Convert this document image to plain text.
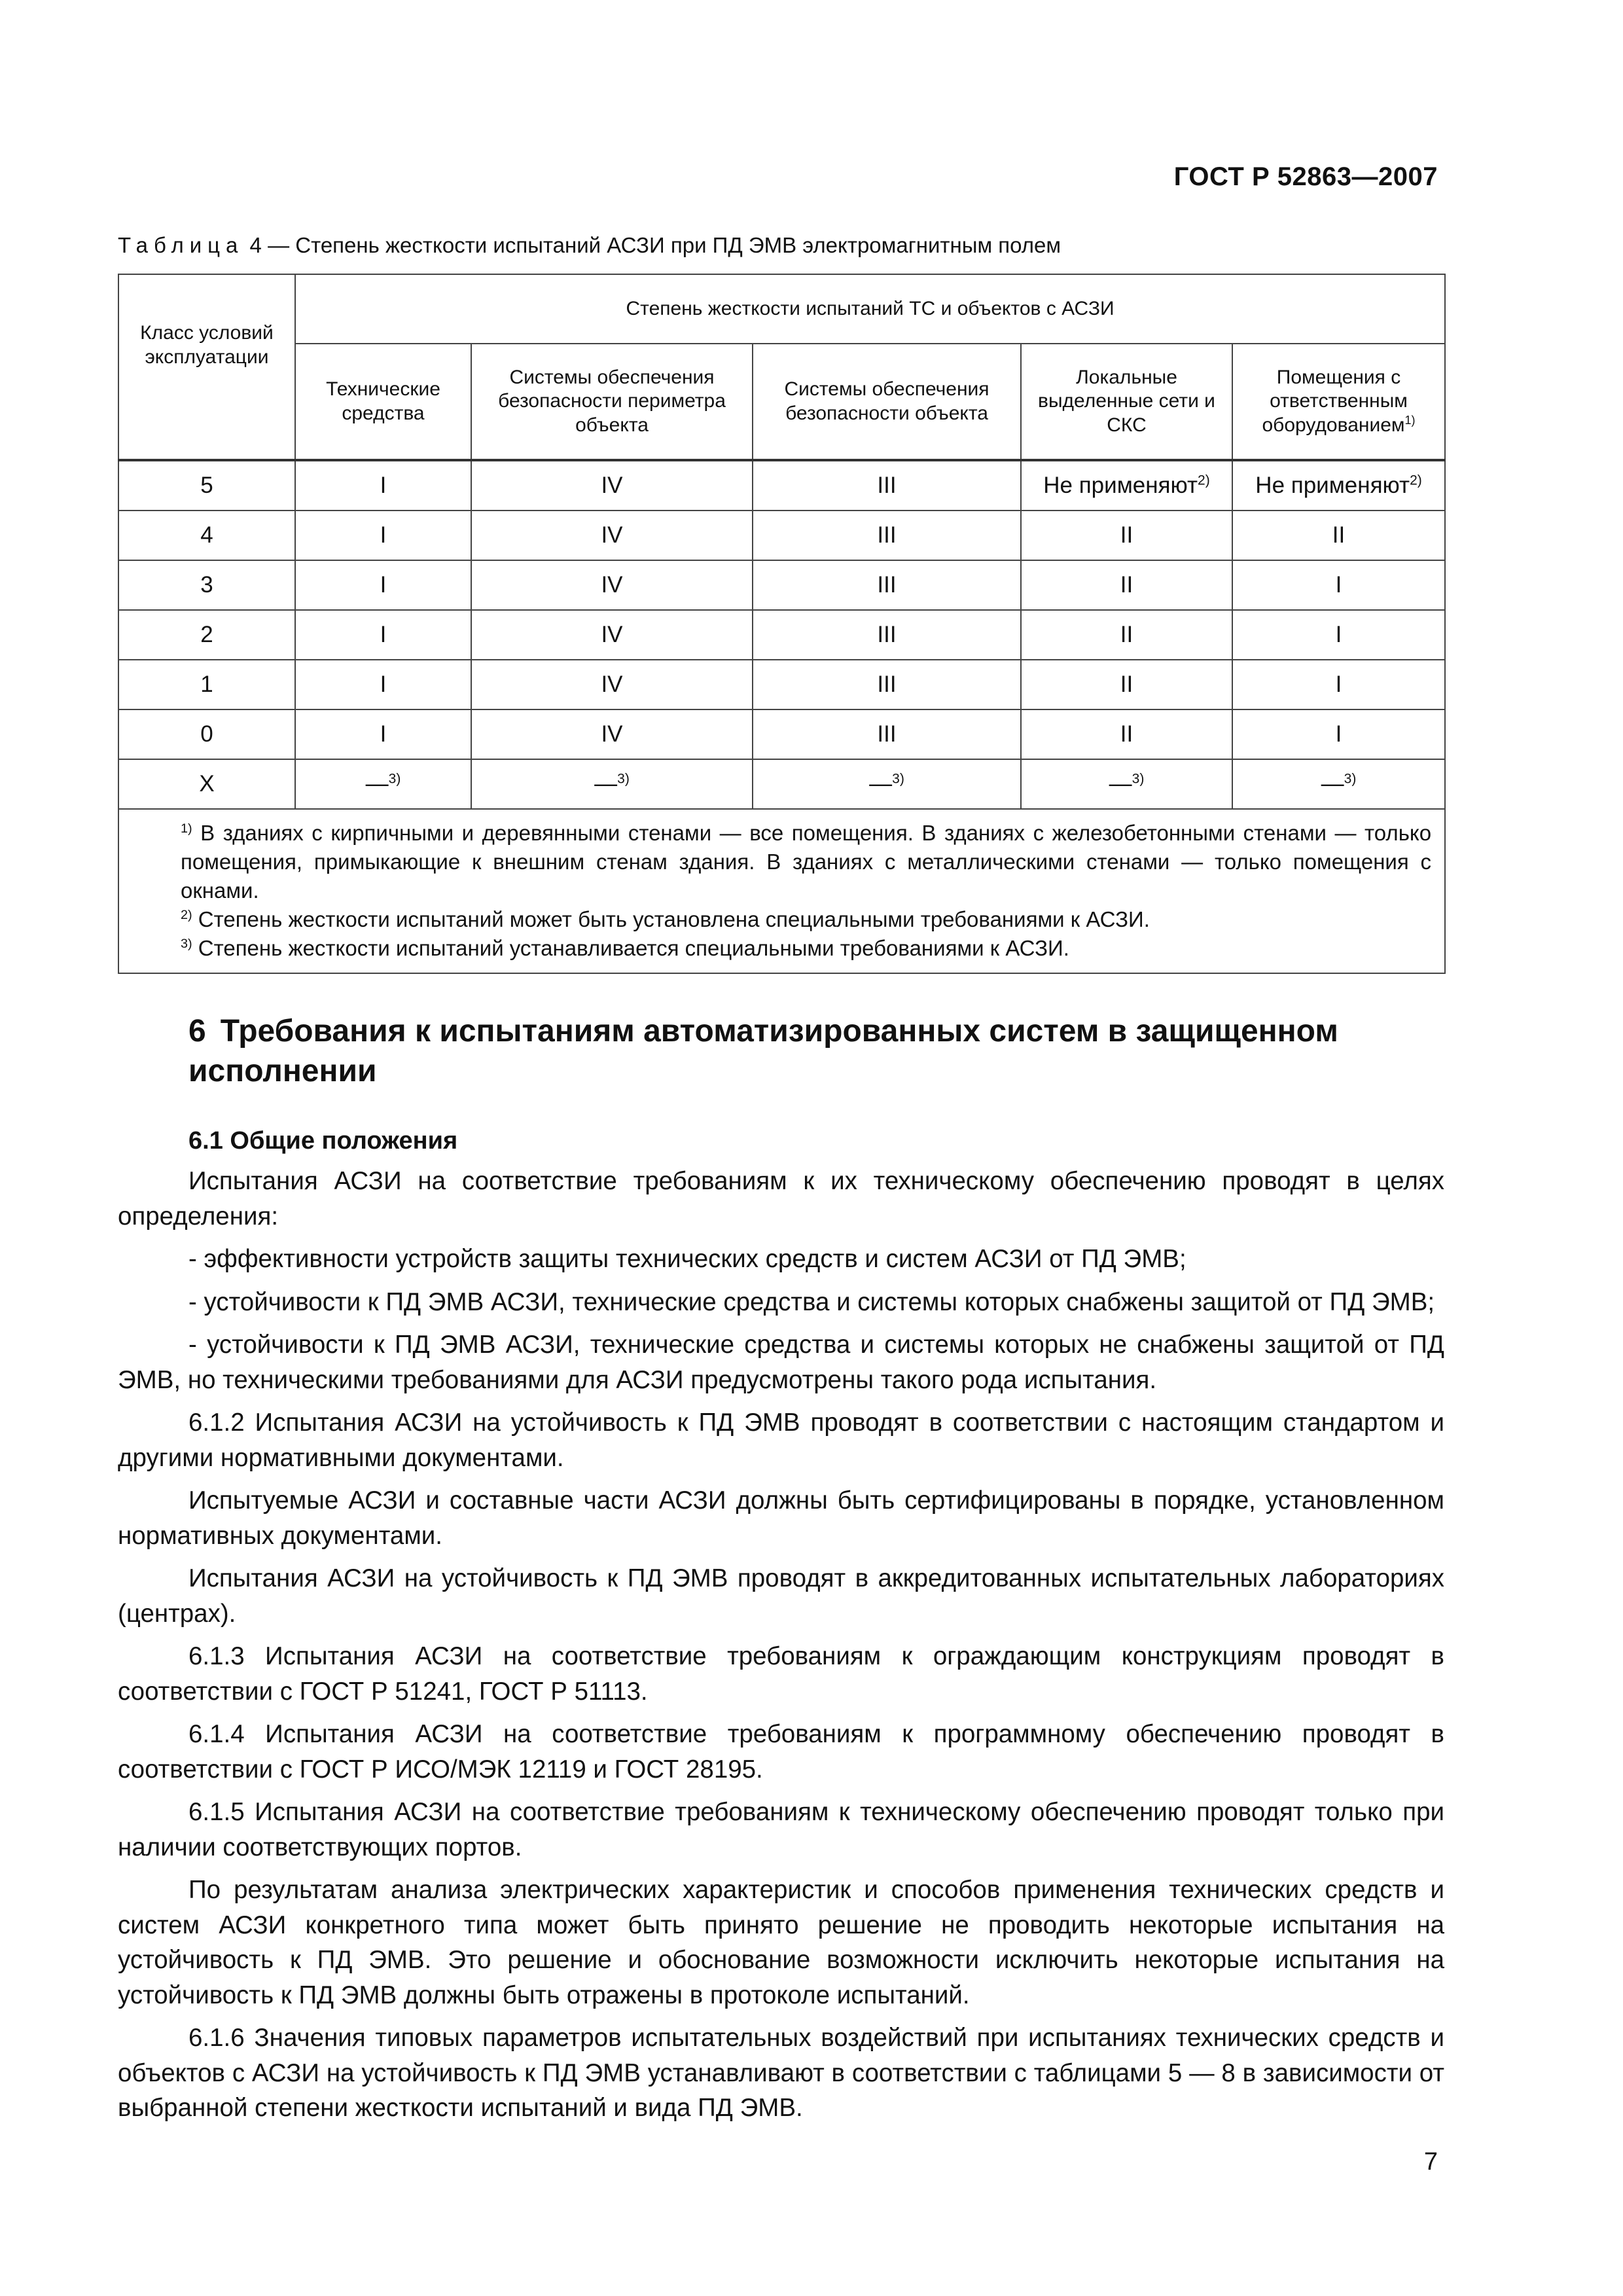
ГОСТ Р 52863—2007
Таблица 4 — Степень жесткости испытаний АСЗИ при ПД ЭМВ электромагнитным полем
Класс условий эксплуатации	Степень жесткости испытаний ТС и объектов с АСЗИ				
	Технические средства	Системы обеспечения безопасности периметра объекта	Системы обеспечения безопасности объекта	Локальные выделенные сети и СКС	Помещения с ответственным оборудованием$^{1)}$
5	I	IV	III	Не применяют$^{2)}$	Не применяют$^{2)}$
4	I	IV	III	II	II
3	I	IV	III	II	I
2	I	IV	III	II	I
1	I	IV	III	II	I
0	I	IV	III	II	I
X	—$^{3)}$	—$^{3)}$	—$^{3)}$	—$^{3)}$	—$^{3)}$

$^{1)}$ В зданиях с кирпичными и деревянными стенами — все помещения. В зданиях с железобетонными стенами — только помещения, примыкающие к внешним стенам здания. В зданиях с металлическими стенами — только помещения с окнами.
$^{2)}$ Степень жесткости испытаний может быть установлена специальными требованиями к АСЗИ.
$^{3)}$ Степень жесткости испытаний устанавливается специальными требованиями к АСЗИ.					
6 Требования к испытаниям автоматизированных систем в защищенном исполнении
6.1 Общие положения

Испытания АСЗИ на соответствие требованиям к их техническому обеспечению проводят в целях определения:

- эффективности устройств защиты технических средств и систем АСЗИ от ПД ЭМВ;

- устойчивости к ПД ЭМВ АСЗИ, технические средства и системы которых снабжены защитой от ПД ЭМВ;

- устойчивости к ПД ЭМВ АСЗИ, технические средства и системы которых не снабжены защитой от ПД ЭМВ, но техническими требованиями для АСЗИ предусмотрены такого рода испытания.

6.1.2 Испытания АСЗИ на устойчивость к ПД ЭМВ проводят в соответствии с настоящим стандартом и другими нормативными документами.

Испытуемые АСЗИ и составные части АСЗИ должны быть сертифицированы в порядке, установленном нормативных документами.

Испытания АСЗИ на устойчивость к ПД ЭМВ проводят в аккредитованных испытательных лабораториях (центрах).

6.1.3 Испытания АСЗИ на соответствие требованиям к ограждающим конструкциям проводят в соответствии с ГОСТ Р 51241, ГОСТ Р 51113.

6.1.4 Испытания АСЗИ на соответствие требованиям к программному обеспечению проводят в соответствии с ГОСТ Р ИСО/МЭК 12119 и ГОСТ 28195.

6.1.5 Испытания АСЗИ на соответствие требованиям к техническому обеспечению проводят только при наличии соответствующих портов.

По результатам анализа электрических характеристик и способов применения технических средств и систем АСЗИ конкретного типа может быть принято решение не проводить некоторые испытания на устойчивость к ПД ЭМВ. Это решение и обоснование возможности исключить некоторые испытания на устойчивость к ПД ЭМВ должны быть отражены в протоколе испытаний.

6.1.6 Значения типовых параметров испытательных воздействий при испытаниях технических средств и объектов с АСЗИ на устойчивость к ПД ЭМВ устанавливают в соответствии с таблицами 5 — 8 в зависимости от выбранной степени жесткости испытаний и вида ПД ЭМВ.

7
